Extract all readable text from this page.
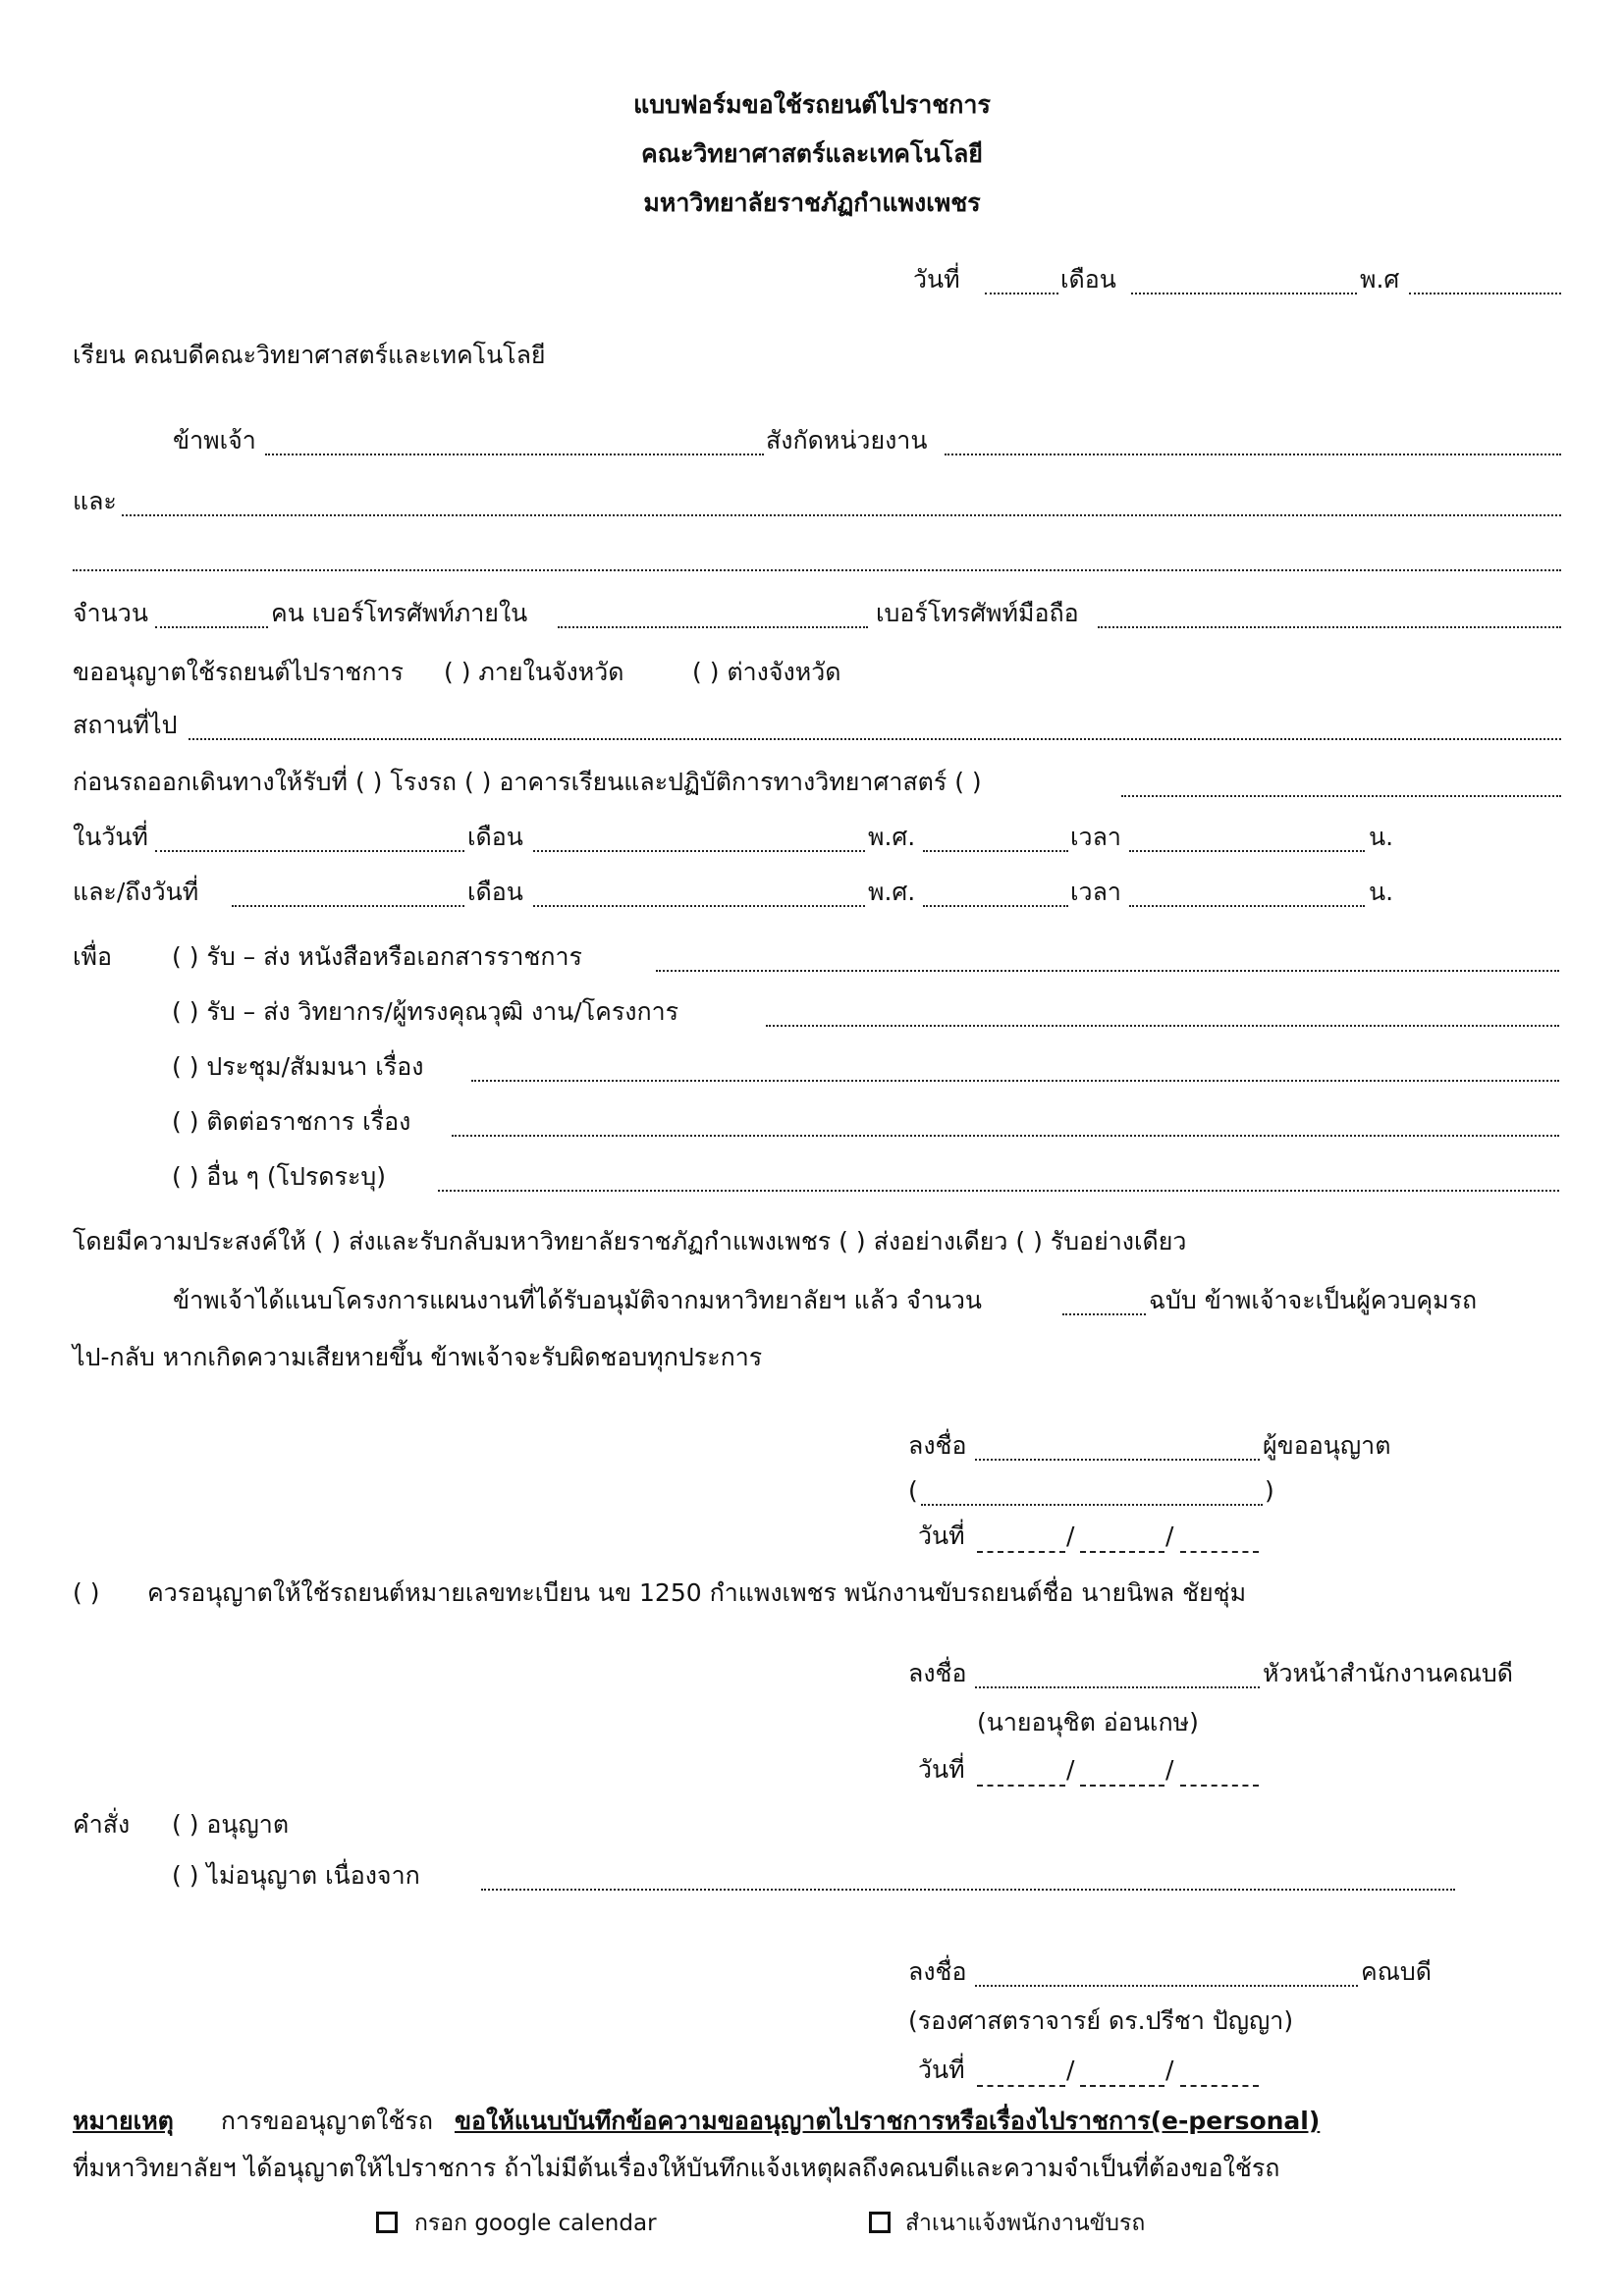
แบบฟอร์มขอใช้รถยนต์ไปราชการ
คณะวิทยาศาสตร์และเทคโนโลยี
มหาวิทยาลัยราชภัฏกำแพงเพชร
วันที่	เดือน	พ.ศ
เรียน คณบดีคณะวิทยาศาสตร์และเทคโนโลยี
ข้าพเจ้า	สังกัดหน่วยงาน
และ
จำนวน	คน เบอร์โทรศัพท์ภายใน	เบอร์โทรศัพท์มือถือ
ขออนุญาตใช้รถยนต์ไปราชการ ( ) ภายในจังหวัด	( ) ต่างจังหวัด
สถานที่ไป
ก่อนรถออกเดินทางให้รับที่ ( ) โรงรถ ( ) อาคารเรียนและปฏิบัติการทางวิทยาศาสตร์ ( )
ในวันที่	เดือน	พ.ศ.	เวลา	น.
และ/ถึงวันที่	เดือน	พ.ศ.	เวลา	น.
เพื่อ ( ) รับ – ส่ง หนังสือหรือเอกสารราชการ
( ) รับ – ส่ง วิทยากร/ผู้ทรงคุณวุฒิ งาน/โครงการ
( ) ประชุม/สัมมนา เรื่อง
( ) ติดต่อราชการ เรื่อง
( ) อื่น ๆ (โปรดระบุ)
โดยมีความประสงค์ให้ ( ) ส่งและรับกลับมหาวิทยาลัยราชภัฏกำแพงเพชร ( ) ส่งอย่างเดียว ( ) รับอย่างเดียว
ข้าพเจ้าได้แนบโครงการแผนงานที่ได้รับอนุมัติจากมหาวิทยาลัยฯ แล้ว จำนวน	ฉบับ ข้าพเจ้าจะเป็นผู้ควบคุมรถ
ไป-กลับ หากเกิดความเสียหายขึ้น ข้าพเจ้าจะรับผิดชอบทุกประการ
ลงชื่อ	ผู้ขออนุญาต
(	)
วันที่	/	/
( ) ควรอนุญาตให้ใช้รถยนต์หมายเลขทะเบียน นข 1250 กำแพงเพชร พนักงานขับรถยนต์ชื่อ นายนิพล ชัยชุ่ม
ลงชื่อ	หัวหน้าสำนักงานคณบดี
(นายอนุชิต อ่อนเกษ)
วันที่	/	/
คำสั่ง ( ) อนุญาต
( ) ไม่อนุญาต เนื่องจาก
ลงชื่อ	คณบดี
(รองศาสตราจารย์ ดร.ปรีชา ปัญญา)
วันที่	/	/
หมายเหตุ การขออนุญาตใช้รถ ขอให้แนบบันทึกข้อความขออนุญาตไปราชการหรือเรื่องไปราชการ(e-personal)
ที่มหาวิทยาลัยฯ ได้อนุญาตให้ไปราชการ ถ้าไม่มีต้นเรื่องให้บันทึกแจ้งเหตุผลถึงคณบดีและความจำเป็นที่ต้องขอใช้รถ
กรอก google calendar	สำเนาแจ้งพนักงานขับรถ
